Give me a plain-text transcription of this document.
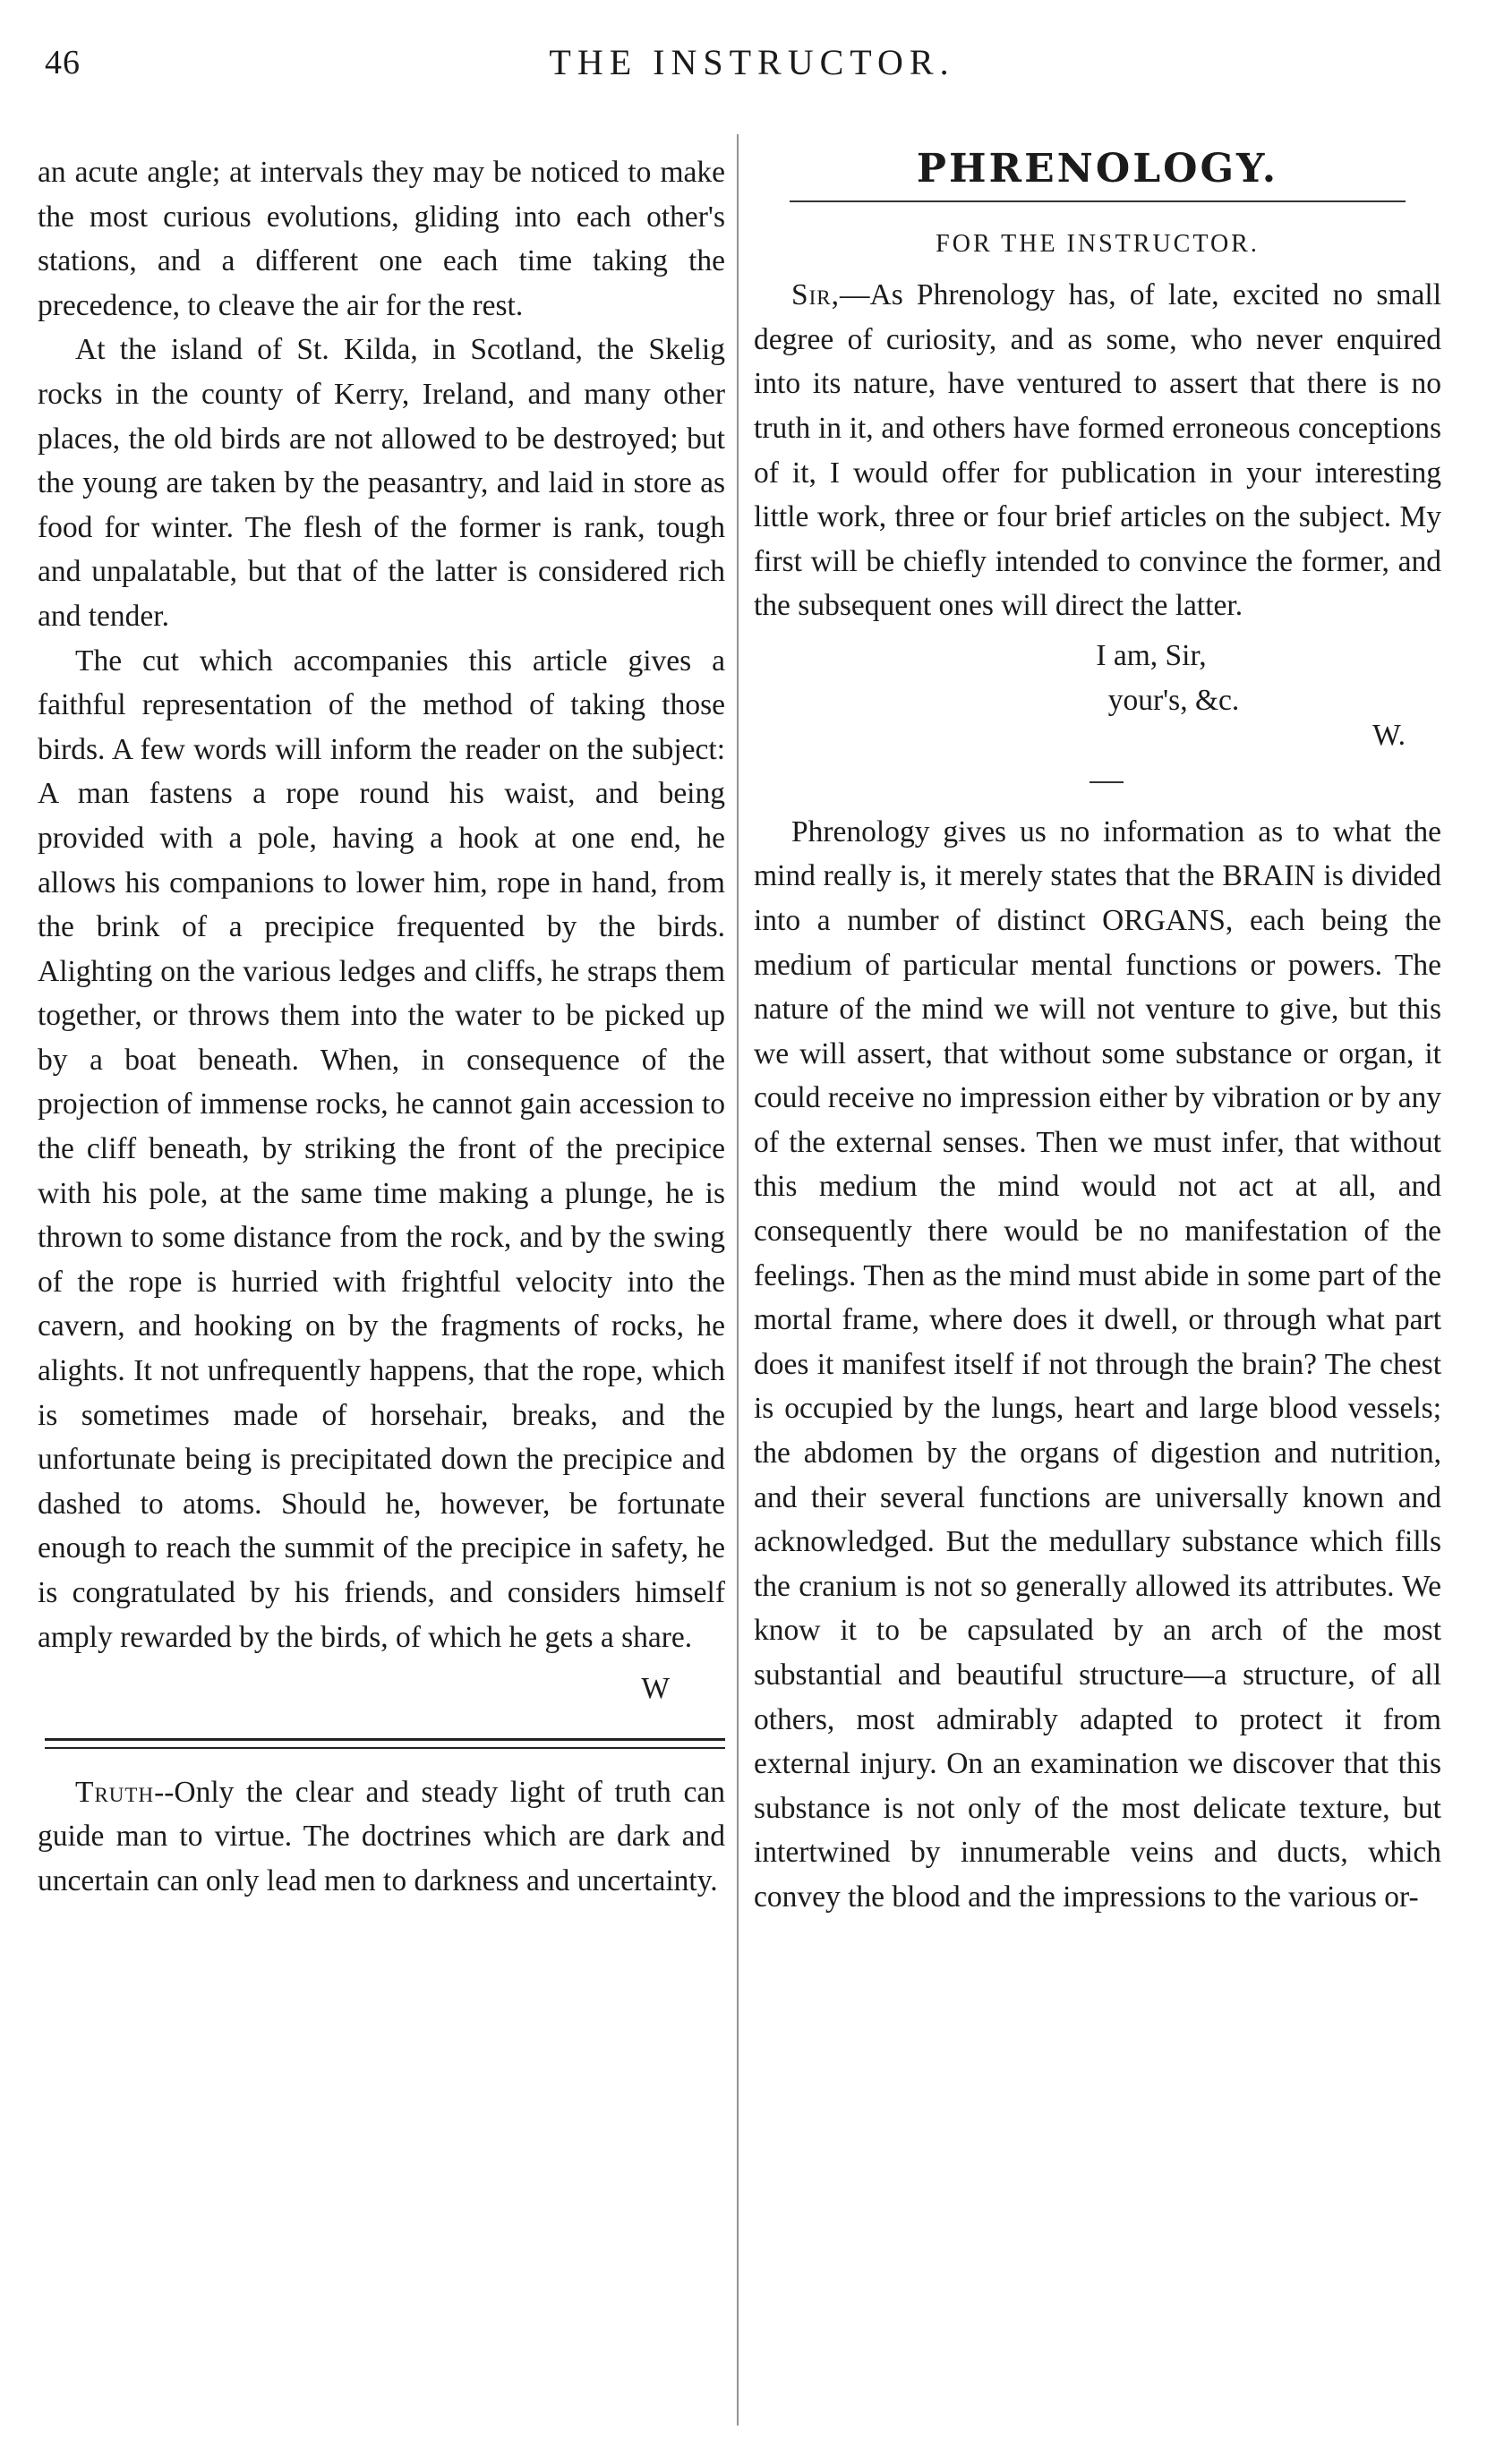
46	THE INSTRUCTOR.

an acute angle; at intervals they may be noticed to make the most curious evolutions, gliding into each other's stations, and a different one each time taking the precedence, to cleave the air for the rest.

At the island of St. Kilda, in Scotland, the Skelig rocks in the county of Kerry, Ireland, and many other places, the old birds are not allowed to be destroyed; but the young are taken by the peasantry, and laid in store as food for winter. The flesh of the former is rank, tough and unpalatable, but that of the latter is considered rich and tender.

The cut which accompanies this article gives a faithful representation of the method of taking those birds. A few words will inform the reader on the subject: A man fastens a rope round his waist, and being provided with a pole, having a hook at one end, he allows his companions to lower him, rope in hand, from the brink of a precipice frequented by the birds. Alighting on the various ledges and cliffs, he straps them together, or throws them into the water to be picked up by a boat beneath. When, in consequence of the projection of immense rocks, he cannot gain accession to the cliff beneath, by striking the front of the precipice with his pole, at the same time making a plunge, he is thrown to some distance from the rock, and by the swing of the rope is hurried with frightful velocity into the cavern, and hooking on by the fragments of rocks, he alights. It not unfrequently happens, that the rope, which is sometimes made of horsehair, breaks, and the unfortunate being is precipitated down the precipice and dashed to atoms. Should he, however, be fortunate enough to reach the summit of the precipice in safety, he is congratulated by his friends, and considers himself amply rewarded by the birds, of which he gets a share.

W

Truth--Only the clear and steady light of truth can guide man to virtue. The doctrines which are dark and uncertain can only lead men to darkness and uncertainty.

PHRENOLOGY.
FOR THE INSTRUCTOR.

Sir,—As Phrenology has, of late, excited no small degree of curiosity, and as some, who never enquired into its nature, have ventured to assert that there is no truth in it, and others have formed erroneous conceptions of it, I would offer for publication in your interesting little work, three or four brief articles on the subject. My first will be chiefly intended to convince the former, and the subsequent ones will direct the latter.

I am, Sir,

your's, &c.

W.

Phrenology gives us no information as to what the mind really is, it merely states that the BRAIN is divided into a number of distinct ORGANS, each being the medium of particular mental functions or powers. The nature of the mind we will not venture to give, but this we will assert, that without some substance or organ, it could receive no impression either by vibration or by any of the external senses. Then we must infer, that without this medium the mind would not act at all, and consequently there would be no manifestation of the feelings. Then as the mind must abide in some part of the mortal frame, where does it dwell, or through what part does it manifest itself if not through the brain? The chest is occupied by the lungs, heart and large blood vessels; the abdomen by the organs of digestion and nutrition, and their several functions are universally known and acknowledged. But the medullary substance which fills the cranium is not so generally allowed its attributes. We know it to be capsulated by an arch of the most substantial and beautiful structure—a structure, of all others, most admirably adapted to protect it from external injury. On an examination we discover that this substance is not only of the most delicate texture, but intertwined by innumerable veins and ducts, which convey the blood and the impressions to the various or-
